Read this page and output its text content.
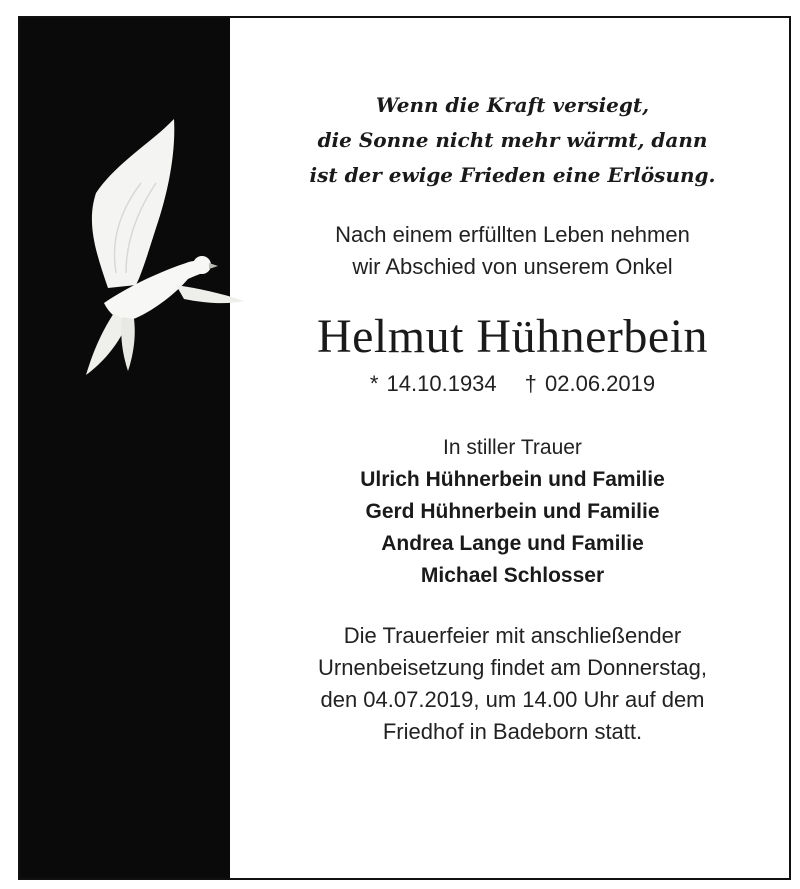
Wenn die Kraft versiegt,
die Sonne nicht mehr wärmt, dann
ist der ewige Frieden eine Erlösung.

Nach einem erfüllten Leben nehmen
wir Abschied von unserem Onkel

Helmut Hühnerbein

* 14.10.1934 † 02.06.2019

In stiller Trauer

Ulrich Hühnerbein und Familie
Gerd Hühnerbein und Familie
Andrea Lange und Familie
Michael Schlosser

Die Trauerfeier mit anschließender
Urnenbeisetzung findet am Donnerstag,
den 04.07.2019, um 14.00 Uhr auf dem
Friedhof in Badeborn statt.
